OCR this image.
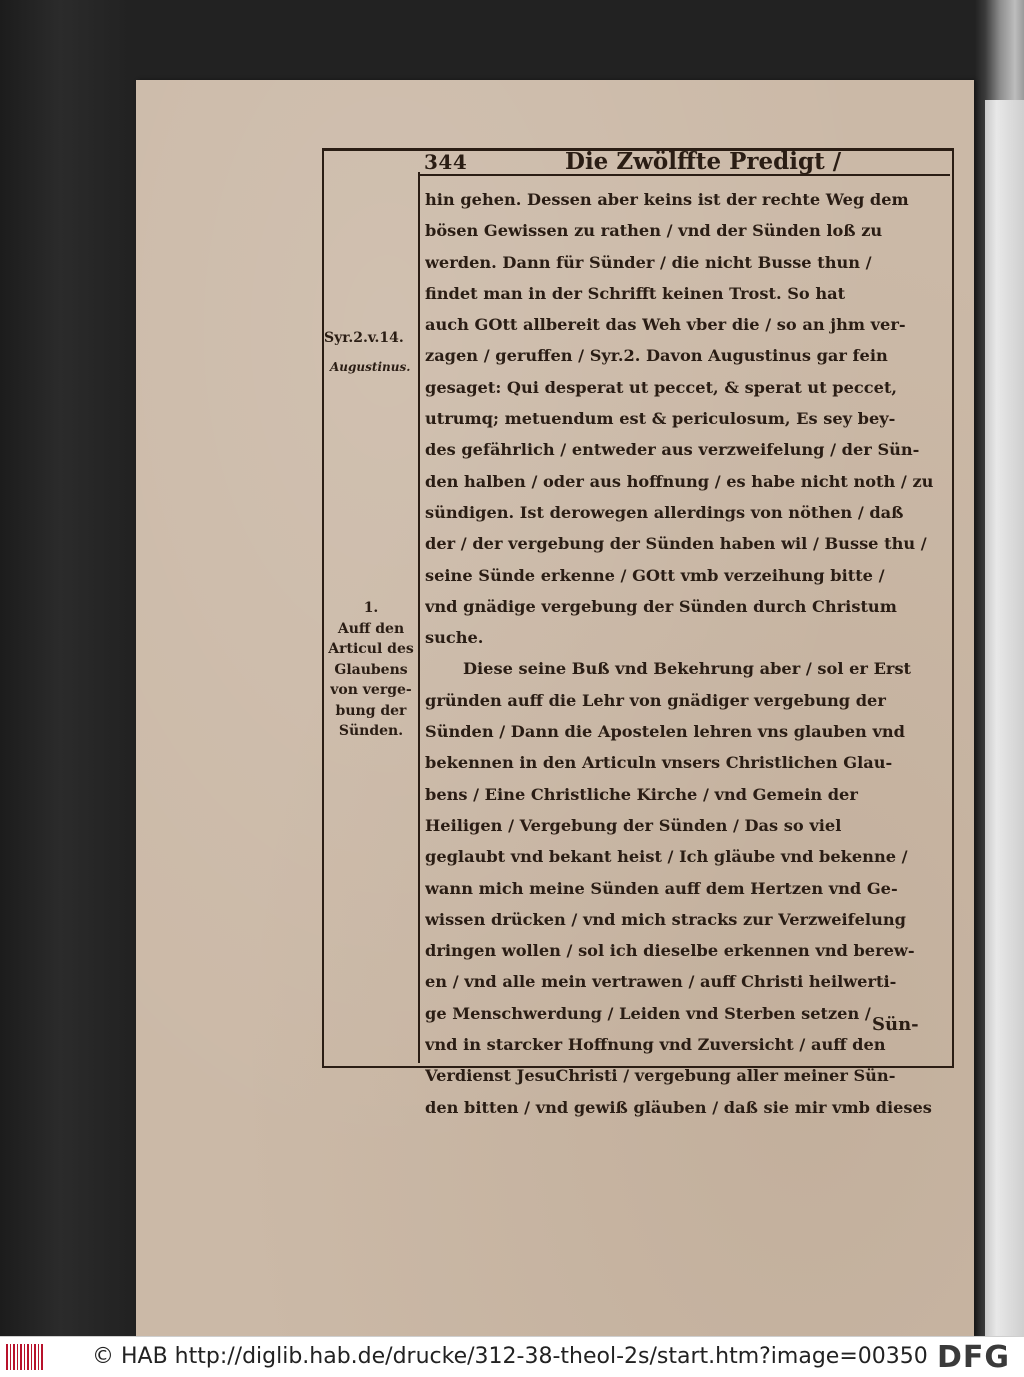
344	Die Zwölffte Predigt /
Syr.2.v.14.
Augustinus.
1.
Auff den
Articul des
Glaubens
von verge-
bung der
Sünden.
hin gehen. Dessen aber keins ist der rechte Weg dem
bösen Gewissen zu rathen / vnd der Sünden loß zu
werden. Dann für Sünder / die nicht Busse thun /
findet man in der Schrifft keinen Trost. So hat
auch GOtt allbereit das Weh vber die / so an jhm ver-
zagen / geruffen / Syr.2. Davon Augustinus gar fein
gesaget: Qui desperat ut peccet, & sperat ut peccet,
utrumq; metuendum est & periculosum, Es sey bey-
des gefährlich / entweder aus verzweifelung / der Sün-
den halben / oder aus hoffnung / es habe nicht noth / zu
sündigen. Ist derowegen allerdings von nöthen / daß
der / der vergebung der Sünden haben wil / Busse thu /
seine Sünde erkenne / GOtt vmb verzeihung bitte /
vnd gnädige vergebung der Sünden durch Christum
suche.
Diese seine Buß vnd Bekehrung aber / sol er Erst
gründen auff die Lehr von gnädiger vergebung der
Sünden / Dann die Apostelen lehren vns glauben vnd
bekennen in den Articuln vnsers Christlichen Glau-
bens / Eine Christliche Kirche / vnd Gemein der
Heiligen / Vergebung der Sünden / Das so viel
geglaubt vnd bekant heist / Ich gläube vnd bekenne /
wann mich meine Sünden auff dem Hertzen vnd Ge-
wissen drücken / vnd mich stracks zur Verzweifelung
dringen wollen / sol ich dieselbe erkennen vnd berew-
en / vnd alle mein vertrawen / auff Christi heilwerti-
ge Menschwerdung / Leiden vnd Sterben setzen /
vnd in starcker Hoffnung vnd Zuversicht / auff den
Verdienst JesuChristi / vergebung aller meiner Sün-
den bitten / vnd gewiß gläuben / daß sie mir vmb dieses
Sün-
© HAB http://diglib.hab.de/drucke/312-38-theol-2s/start.htm?image=00350 DFG
